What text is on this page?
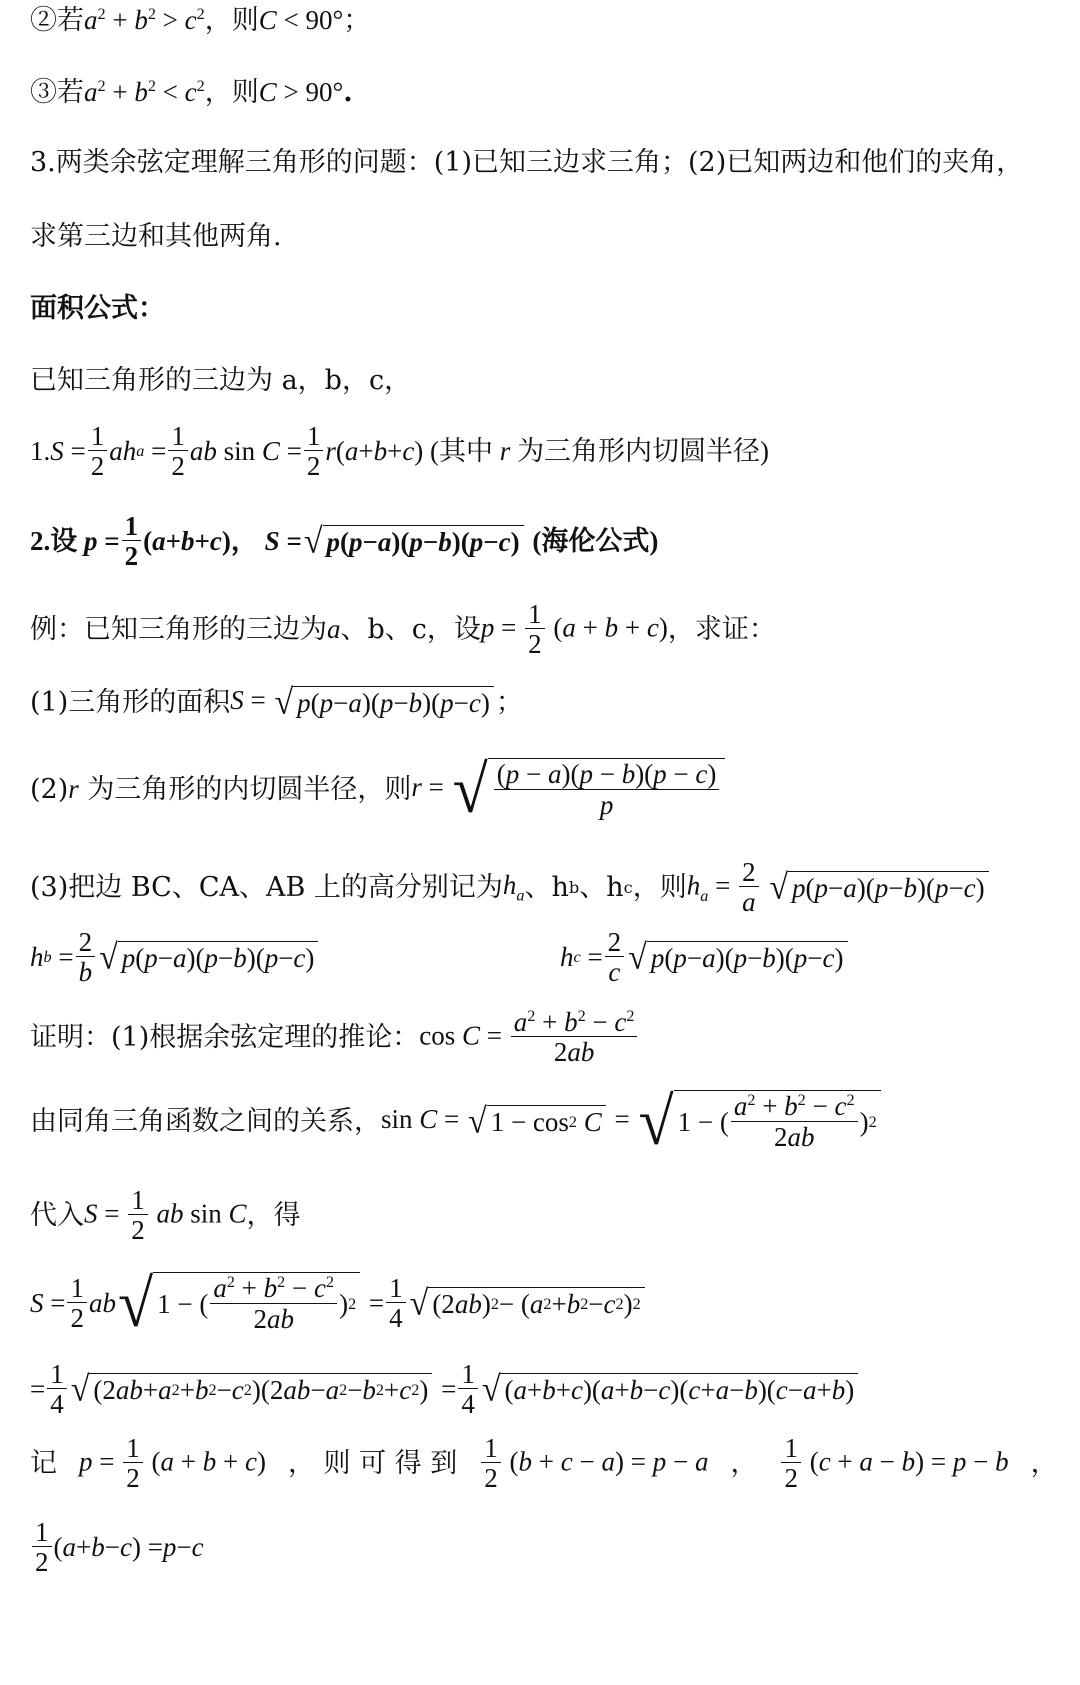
②若 $a^2 + b^2 > c^2$ ，则 C < 90° ；
③若 $a^2 + b^2 < c^2$ ，则 C > 90° .
3.两类余弦定理解三角形的问题：(1)已知三边求三角；(2)已知两边和他们的夹角，
求第三边和其他两角.
面积公式：
已知三角形的三边为 a，b，c，
1. $S = \frac{1}{2}$ ah $a = \frac{1}{2}$ ab $\sin C = \frac{1}{2}$ r ( a + b + c ) (其中
r
为三角形内切圆半径)
2.设
$p = \frac{1}{2}$ ( a + b + c ) ，
S = √ p ( p − a )( p − b )( p − c )
(海伦公式)
例：已知三角形的三边为 a 、b、c，设 $p = \frac{1}{2} (a + b + c)$ ，求证：
(1)三角形的面积 S = √ p ( p − a )( p − b )( p − c ) ；
(2) r
为三角形的内切圆半径，则 r = √ $\frac{(p - a)(p - b)(p - c)}{p}$
(3)把边 BC、CA、AB 上的高分别记为 $h_a$ 、h b 、h c ，则 $h_a = \frac{2}{a}$
√ p ( p − a )( p − b )( p − c )
h $b = \frac{2}{b}$ √ p ( p − a )( p − b )( p − c )	h $c = \frac{2}{c}$ √ p ( p − a )( p − b )( p − c )
证明：(1)根据余弦定理的推论： $\cos C = \frac{a^2 + b^2 - c^2}{2ab}$
由同角三角函数之间的关系， sin C = √ 1 − cos 2
C = √ 1 − ( $\frac{a^2 + b^2 - c^2}{2ab}$ ) 2
代入 $S = \frac{1}{2}$ ab sin C ，得
$S = \frac{1}{2}$ ab √ 1 − ( $\frac{a^2 + b^2 - c^2}{2ab}$ ) $2 = \frac{1}{4}$ √ (2 ab ) 2 − ( a 2 + b 2 − c 2 ) 2
= $\frac{1}{4}$ √ (2 ab + a 2 + b 2 − c 2 )(2 ab − a 2 − b 2 + c 2 ) = $\frac{1}{4}$ √ ( a + b + c )( a + b − c )( c + a − b )( c − a + b )
记 $p = \frac{1}{2} (a + b + c)$ ， 则 可 得 到 $\frac{1}{2} (b + c - a) = p - a$ ， $\frac{1}{2} (c + a - b) = p - b$ ，
$\frac{1}{2}$ ( a + b − c ) = p − c
